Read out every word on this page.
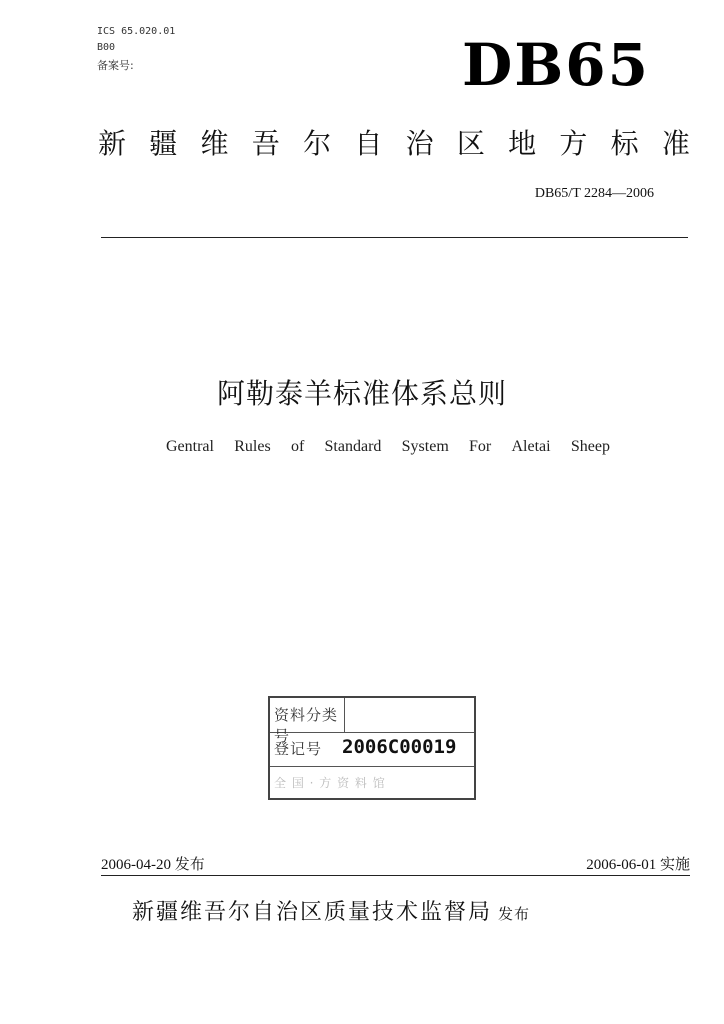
ICS 65.020.01
B00
备案号:	DB65
新 疆 维 吾 尔 自 治 区 地 方 标 准
DB65/T 2284—2006
阿勒泰羊标准体系总则
Gentral Rules of Standard System For Aletai Sheep
资料分类号
登记号	2006C00019
全 国 · 方 资 料 馆
2006-04-20 发布	2006-06-01 实施
新疆维吾尔自治区质量技术监督局 发布
